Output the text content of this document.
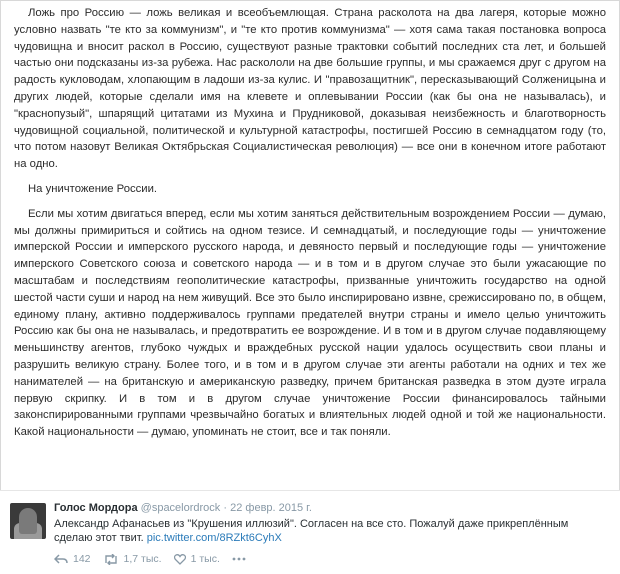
Ложь про Россию — ложь великая и всеобъемлющая. Страна расколота на два лагеря, которые можно условно назвать "те кто за коммунизм", и "те кто против коммунизма" — хотя сама такая постановка вопроса чудовищна и вносит раскол в Россию, существуют разные трактовки событий последних ста лет, и большей частью они подсказаны из-за рубежа. Нас раскололи на две большие группы, и мы сражаемся друг с другом на радость кукловодам, хлопающим в ладоши из-за кулис. И "правозащитник", пересказывающий Солженицына и других людей, которые сделали имя на клевете и оплевывании России (как бы она не называлась), и "краснопузый", шпарящий цитатами из Мухина и Прудниковой, доказывая неизбежность и благотворность чудовищной социальной, политической и культурной катастрофы, постигшей Россию в семнадцатом году (то, что потом назовут Великая Октябрьская Социалистическая революция) — все они в конечном итоге работают на одно.

На уничтожение России.

Если мы хотим двигаться вперед, если мы хотим заняться действительным возрождением России — думаю, мы должны примириться и сойтись на одном тезисе. И семнадцатый, и последующие годы — уничтожение имперской России и имперского русского народа, и девяносто первый и последующие годы — уничтожение имперского Советского союза и советского народа — и в том и в другом случае это были ужасающие по масштабам и последствиям геополитические катастрофы, призванные уничтожить государство на одной шестой части суши и народ на нем живущий. Все это было инспирировано извне, срежиссировано по, в общем, единому плану, активно поддерживалось группами предателей внутри страны и имело целью уничтожить Россию как бы она не называлась, и предотвратить ее возрождение. И в том и в другом случае подавляющему меньшинству агентов, глубоко чуждых и враждебных русской нации удалось осуществить свои планы и разрушить великую страну. Более того, и в том и в другом случае эти агенты работали на одних и тех же нанимателей — на британскую и американскую разведку, причем британская разведка в этом дуэте играла первую скрипку. И в том и в другом случае уничтожение России финансировалось тайными законспирированными группами чрезвычайно богатых и влиятельных людей одной и той же национальности. Какой национальности — думаю, упоминать не стоит, все и так поняли.

Голос Мордора @spacelordrock · 22 февр. 2015 г.
Александр Афанасьев из "Крушения иллюзий". Согласен на все сто. Пожалуй даже прикреплённым сделаю этот твит. pic.twitter.com/8RZkt6CyhX
142	1,7 тыс.	1 тыс.
